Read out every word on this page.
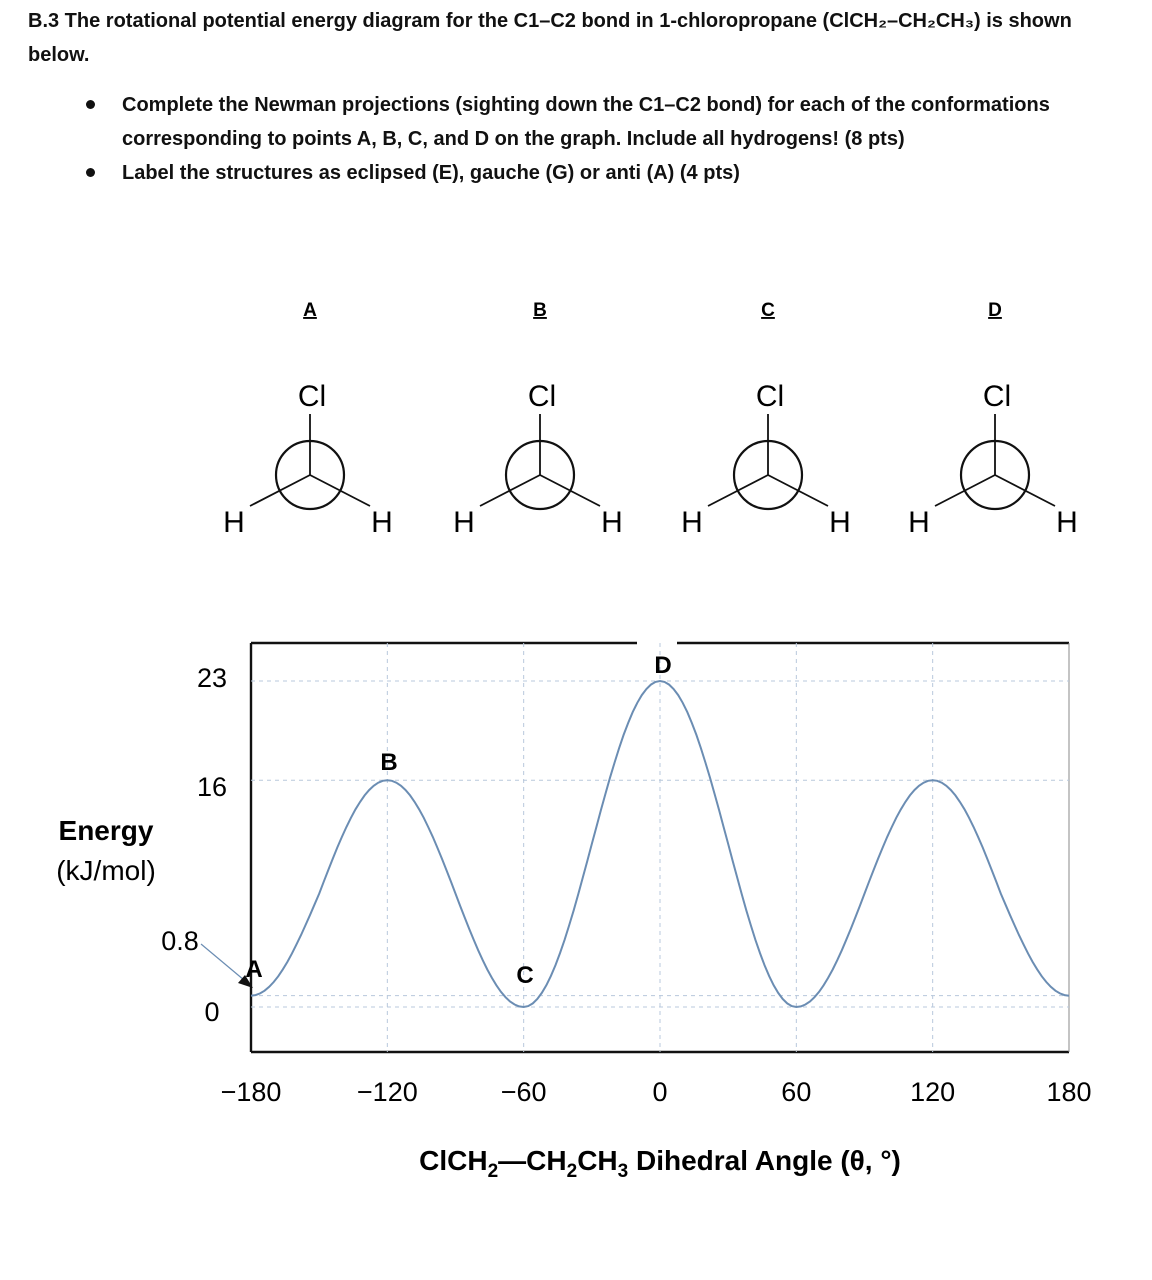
B.3 The rotational potential energy diagram for the C1–C2 bond in 1-chloropropane (ClCH₂–CH₂CH₃) is shown below.

Complete the Newman projections (sighting down the C1–C2 bond) for each of the conformations corresponding to points A, B, C, and D on the graph. Include all hydrogens! (8 pts)
Label the structures as eclipsed (E), gauche (G) or anti (A) (4 pts)
A
Cl
H	H
B
Cl
H	H
C
Cl
H	H
D
Cl
H	H
−180	−120	−60	0	60	120	180
23
16
0.8
0
Energy
(kJ/mol)
A
B
C
D
$ClCH_2—CH_2CH_3$ Dihedral Angle (θ, °)
